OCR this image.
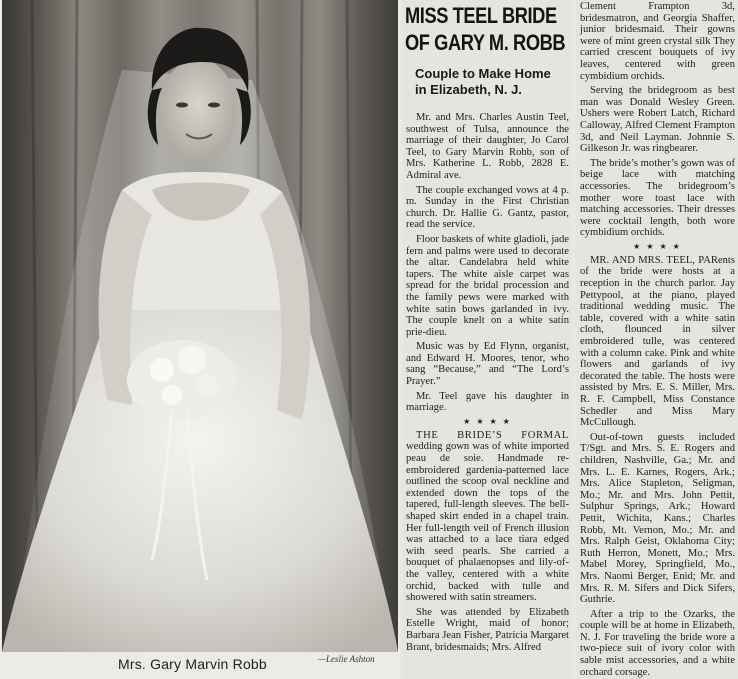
Mrs. Gary Marvin Robb	—Leslie Ashton
MISS TEEL BRIDE
OF GARY M. ROBB
Couple to Make Home
in Elizabeth, N. J.

Mr. and Mrs. Charles Austin Teel, southwest of Tulsa, announce the marriage of their daughter, Jo Carol Teel, to Gary Marvin Robb, son of Mrs. Katherine L. Robb, 2828 E. Admiral ave.

The couple exchanged vows at 4 p. m. Sunday in the First Christian church. Dr. Hallie G. Gantz, pastor, read the service.

Floor baskets of white gladioli, jade fern and palms were used to decorate the altar. Candelabra held white tapers. The white aisle carpet was spread for the bridal procession and the family pews were marked with white satin bows garlanded in ivy. The couple knelt on a white satin prie-dieu.

Music was by Ed Flynn, organist, and Edward H. Moores, tenor, who sang “Because,” and “The Lord’s Prayer.”

Mr. Teel gave his daughter in marriage.

★ ★ ★ ★

THE BRIDE’S FORMAL wedding gown was of white imported peau de soie. Handmade re-embroidered gardenia-patterned lace outlined the scoop oval neckline and extended down the tops of the tapered, full-length sleeves. The bell-shaped skirt ended in a chapel train. Her full-length veil of French illusion was attached to a lace tiara edged with seed pearls. She carried a bouquet of phalaenopses and lily-of-the valley, centered with a white orchid, backed with tulle and showered with satin streamers.

She was attended by Elizabeth Estelle Wright, maid of honor; Barbara Jean Fisher, Patricia Margaret Brant, bridesmaids; Mrs. Alfred

Clement Frampton 3d, bridesmatron, and Georgia Shaffer, junior bridesmaid. Their gowns were of mint green crystal silk They carried crescent bouquets of ivy leaves, centered with green cymbidium orchids.

Serving the bridegroom as best man was Donald Wesley Green. Ushers were Robert Latch, Richard Calloway, Alfred Clement Frampton 3d, and Neil Layman. Johnnie S. Gilkeson Jr. was ringbearer.

The bride’s mother’s gown was of beige lace with matching accessories. The bridegroom’s mother wore toast lace with matching accessories. Their dresses were cocktail length, both wore cymbidium orchids.

★ ★ ★ ★

MR. AND MRS. TEEL, PARents of the bride were hosts at a reception in the church parlor. Jay Pettypool, at the piano, played traditional wedding music. The table, covered with a white satin cloth, flounced in silver embroidered tulle, was centered with a column cake. Pink and white flowers and garlands of ivy decorated the table. The hosts were assisted by Mrs. E. S. Miller, Mrs. R. F. Campbell, Miss Constance Schedler and Miss Mary McCullough.

Out-of-town guests included T/Sgt. and Mrs. S. E. Rogers and children, Nashville, Ga.; Mr. and Mrs. L. E. Karnes, Rogers, Ark.; Mrs. Alice Stapleton, Seligman, Mo.; Mr. and Mrs. John Pettit, Sulphur Springs, Ark.; Howard Pettit, Wichita, Kans.; Charles Robb, Mt. Vernon, Mo.; Mr. and Mrs. Ralph Geist, Oklahoma City; Ruth Herron, Monett, Mo.; Mrs. Mabel Morey, Springfield, Mo., Mrs. Naomi Berger, Enid; Mr. and Mrs. R. M. Sifers and Dick Sifers, Guthrie.

After a trip to the Ozarks, the couple will be at home in Elizabeth, N. J. For traveling the bride wore a two-piece suit of ivory color with sable mist accessories, and a white orchard corsage.
